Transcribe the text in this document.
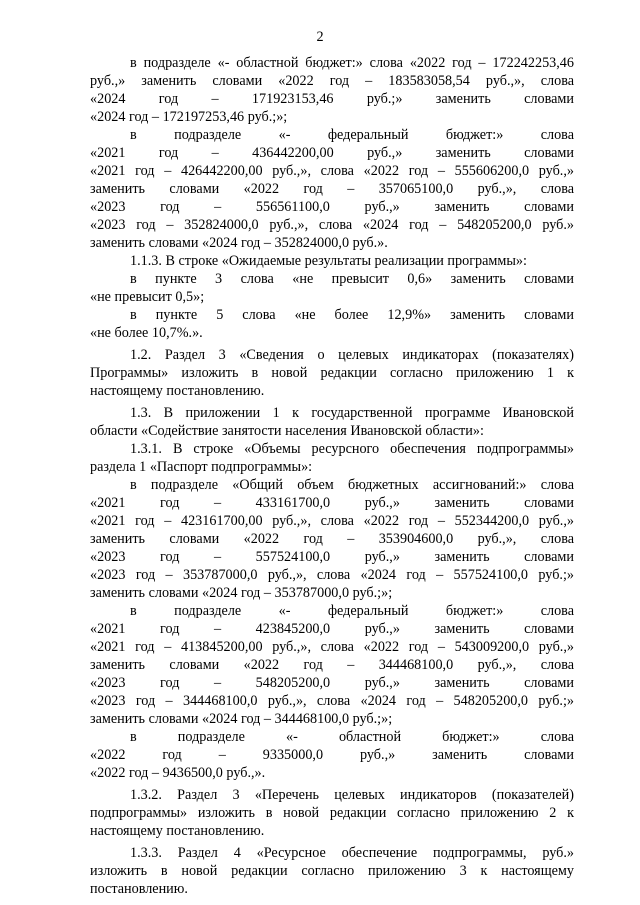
2
в подразделе «- областной бюджет:» слова «2022 год – 172242253,46
руб.,» заменить словами «2022 год – 183583058,54 руб.,», слова
«2024 год – 171923153,46 руб.;» заменить словами
«2024 год – 172197253,46 руб.;»;
в подразделе «- федеральный бюджет:» слова
«2021 год – 436442200,00 руб.,» заменить словами
«2021 год – 426442200,00 руб.,», слова «2022 год – 555606200,0 руб.,»
заменить словами «2022 год – 357065100,0 руб.,», слова
«2023 год – 556561100,0 руб.,» заменить словами
«2023 год – 352824000,0 руб.,», слова «2024 год – 548205200,0 руб.»
заменить словами «2024 год – 352824000,0 руб.».
1.1.3. В строке «Ожидаемые результаты реализации программы»:
в пункте 3 слова «не превысит 0,6» заменить словами
«не превысит 0,5»;
в пункте 5 слова «не более 12,9%» заменить словами
«не более 10,7%.».
1.2. Раздел 3 «Сведения о целевых индикаторах (показателях)
Программы» изложить в новой редакции согласно приложению 1 к
настоящему постановлению.
1.3. В приложении 1 к государственной программе Ивановской
области «Содействие занятости населения Ивановской области»:
1.3.1. В строке «Объемы ресурсного обеспечения подпрограммы»
раздела 1 «Паспорт подпрограммы»:
в подразделе «Общий объем бюджетных ассигнований:» слова
«2021 год – 433161700,0 руб.,» заменить словами
«2021 год – 423161700,00 руб.,», слова «2022 год – 552344200,0 руб.,»
заменить словами «2022 год – 353904600,0 руб.,», слова
«2023 год – 557524100,0 руб.,» заменить словами
«2023 год – 353787000,0 руб.,», слова «2024 год – 557524100,0 руб.;»
заменить словами «2024 год – 353787000,0 руб.;»;
в подразделе «- федеральный бюджет:» слова
«2021 год – 423845200,0 руб.,» заменить словами
«2021 год – 413845200,00 руб.,», слова «2022 год – 543009200,0 руб.,»
заменить словами «2022 год – 344468100,0 руб.,», слова
«2023 год – 548205200,0 руб.,» заменить словами
«2023 год – 344468100,0 руб.,», слова «2024 год – 548205200,0 руб.;»
заменить словами «2024 год – 344468100,0 руб.;»;
в подразделе «- областной бюджет:» слова
«2022 год – 9335000,0 руб.,» заменить словами
«2022 год – 9436500,0 руб.,».
1.3.2. Раздел 3 «Перечень целевых индикаторов (показателей)
подпрограммы» изложить в новой редакции согласно приложению 2 к
настоящему постановлению.
1.3.3. Раздел 4 «Ресурсное обеспечение подпрограммы, руб.»
изложить в новой редакции согласно приложению 3 к настоящему
постановлению.
